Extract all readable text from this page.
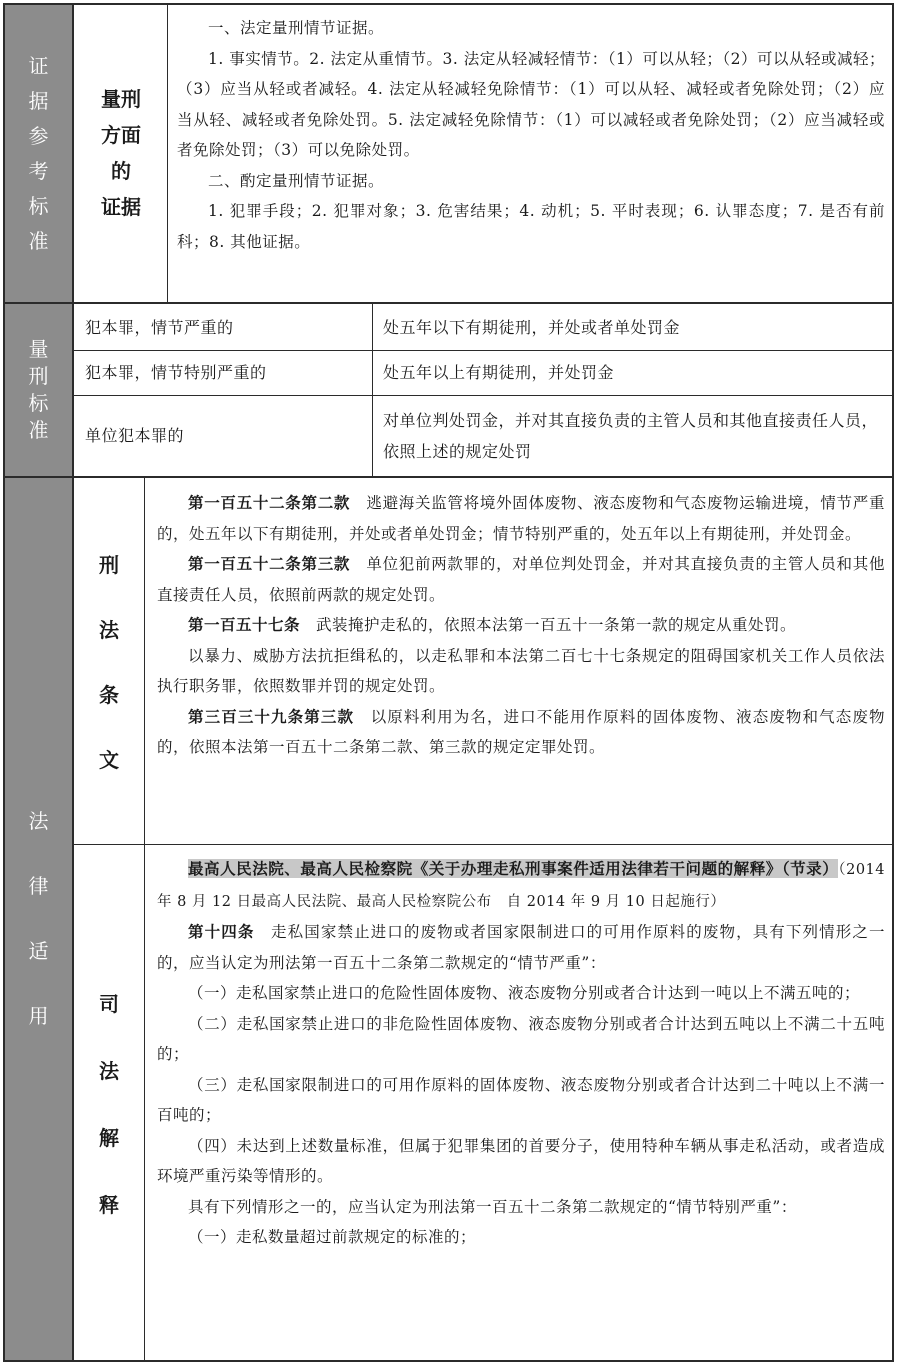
证
据
参
考
标
准
量刑
方面
的
证据

一、法定量刑情节证据。

1. 事实情节。2. 法定从重情节。3. 法定从轻减轻情节：（1）可以从轻；（2）可以从轻或减轻；（3）应当从轻或者减轻。4. 法定从轻减轻免除情节：（1）可以从轻、减轻或者免除处罚；（2）应当从轻、减轻或者免除处罚。5. 法定减轻免除情节：（1）可以减轻或者免除处罚；（2）应当减轻或者免除处罚；（3）可以免除处罚。

二、酌定量刑情节证据。

1. 犯罪手段；2. 犯罪对象；3. 危害结果；4. 动机；5. 平时表现；6. 认罪态度；7. 是否有前科；8. 其他证据。

量
刑
标
准
犯本罪，情节严重的	处五年以下有期徒刑，并处或者单处罚金
犯本罪，情节特别严重的	处五年以上有期徒刑，并处罚金
单位犯本罪的
对单位判处罚金，并对其直接负责的主管人员和其他直接责任人员，依照上述的规定处罚
法
律
适
用
刑
法
条
文

第一百五十二条第二款　 逃避海关监管将境外固体废物、液态废物和气态废物运输进境，情节严重的，处五年以下有期徒刑，并处或者单处罚金；情节特别严重的，处五年以上有期徒刑，并处罚金。

第一百五十二条第三款　 单位犯前两款罪的，对单位判处罚金，并对其直接负责的主管人员和其他直接责任人员，依照前两款的规定处罚。

第一百五十七条　 武装掩护走私的，依照本法第一百五十一条第一款的规定从重处罚。

以暴力、威胁方法抗拒缉私的，以走私罪和本法第二百七十七条规定的阻碍国家机关工作人员依法执行职务罪，依照数罪并罚的规定处罚。

第三百三十九条第三款　 以原料利用为名，进口不能用作原料的固体废物、液态废物和气态废物的，依照本法第一百五十二条第二款、第三款的规定定罪处罚。

司
法
解
释

最高人民法院、最高人民检察院《关于办理走私刑事案件适用法律若干问题的解释》（节录）（2014 年 8 月 12 日最高人民法院、最高人民检察院公布　自 2014 年 9 月 10 日起施行）

第十四条　 走私国家禁止进口的废物或者国家限制进口的可用作原料的废物，具有下列情形之一的，应当认定为刑法第一百五十二条第二款规定的“情节严重”：

（一）走私国家禁止进口的危险性固体废物、液态废物分别或者合计达到一吨以上不满五吨的；

（二）走私国家禁止进口的非危险性固体废物、液态废物分别或者合计达到五吨以上不满二十五吨的；

（三）走私国家限制进口的可用作原料的固体废物、液态废物分别或者合计达到二十吨以上不满一百吨的；

（四）未达到上述数量标准，但属于犯罪集团的首要分子，使用特种车辆从事走私活动，或者造成环境严重污染等情形的。

具有下列情形之一的，应当认定为刑法第一百五十二条第二款规定的“情节特别严重”：

（一）走私数量超过前款规定的标准的；
